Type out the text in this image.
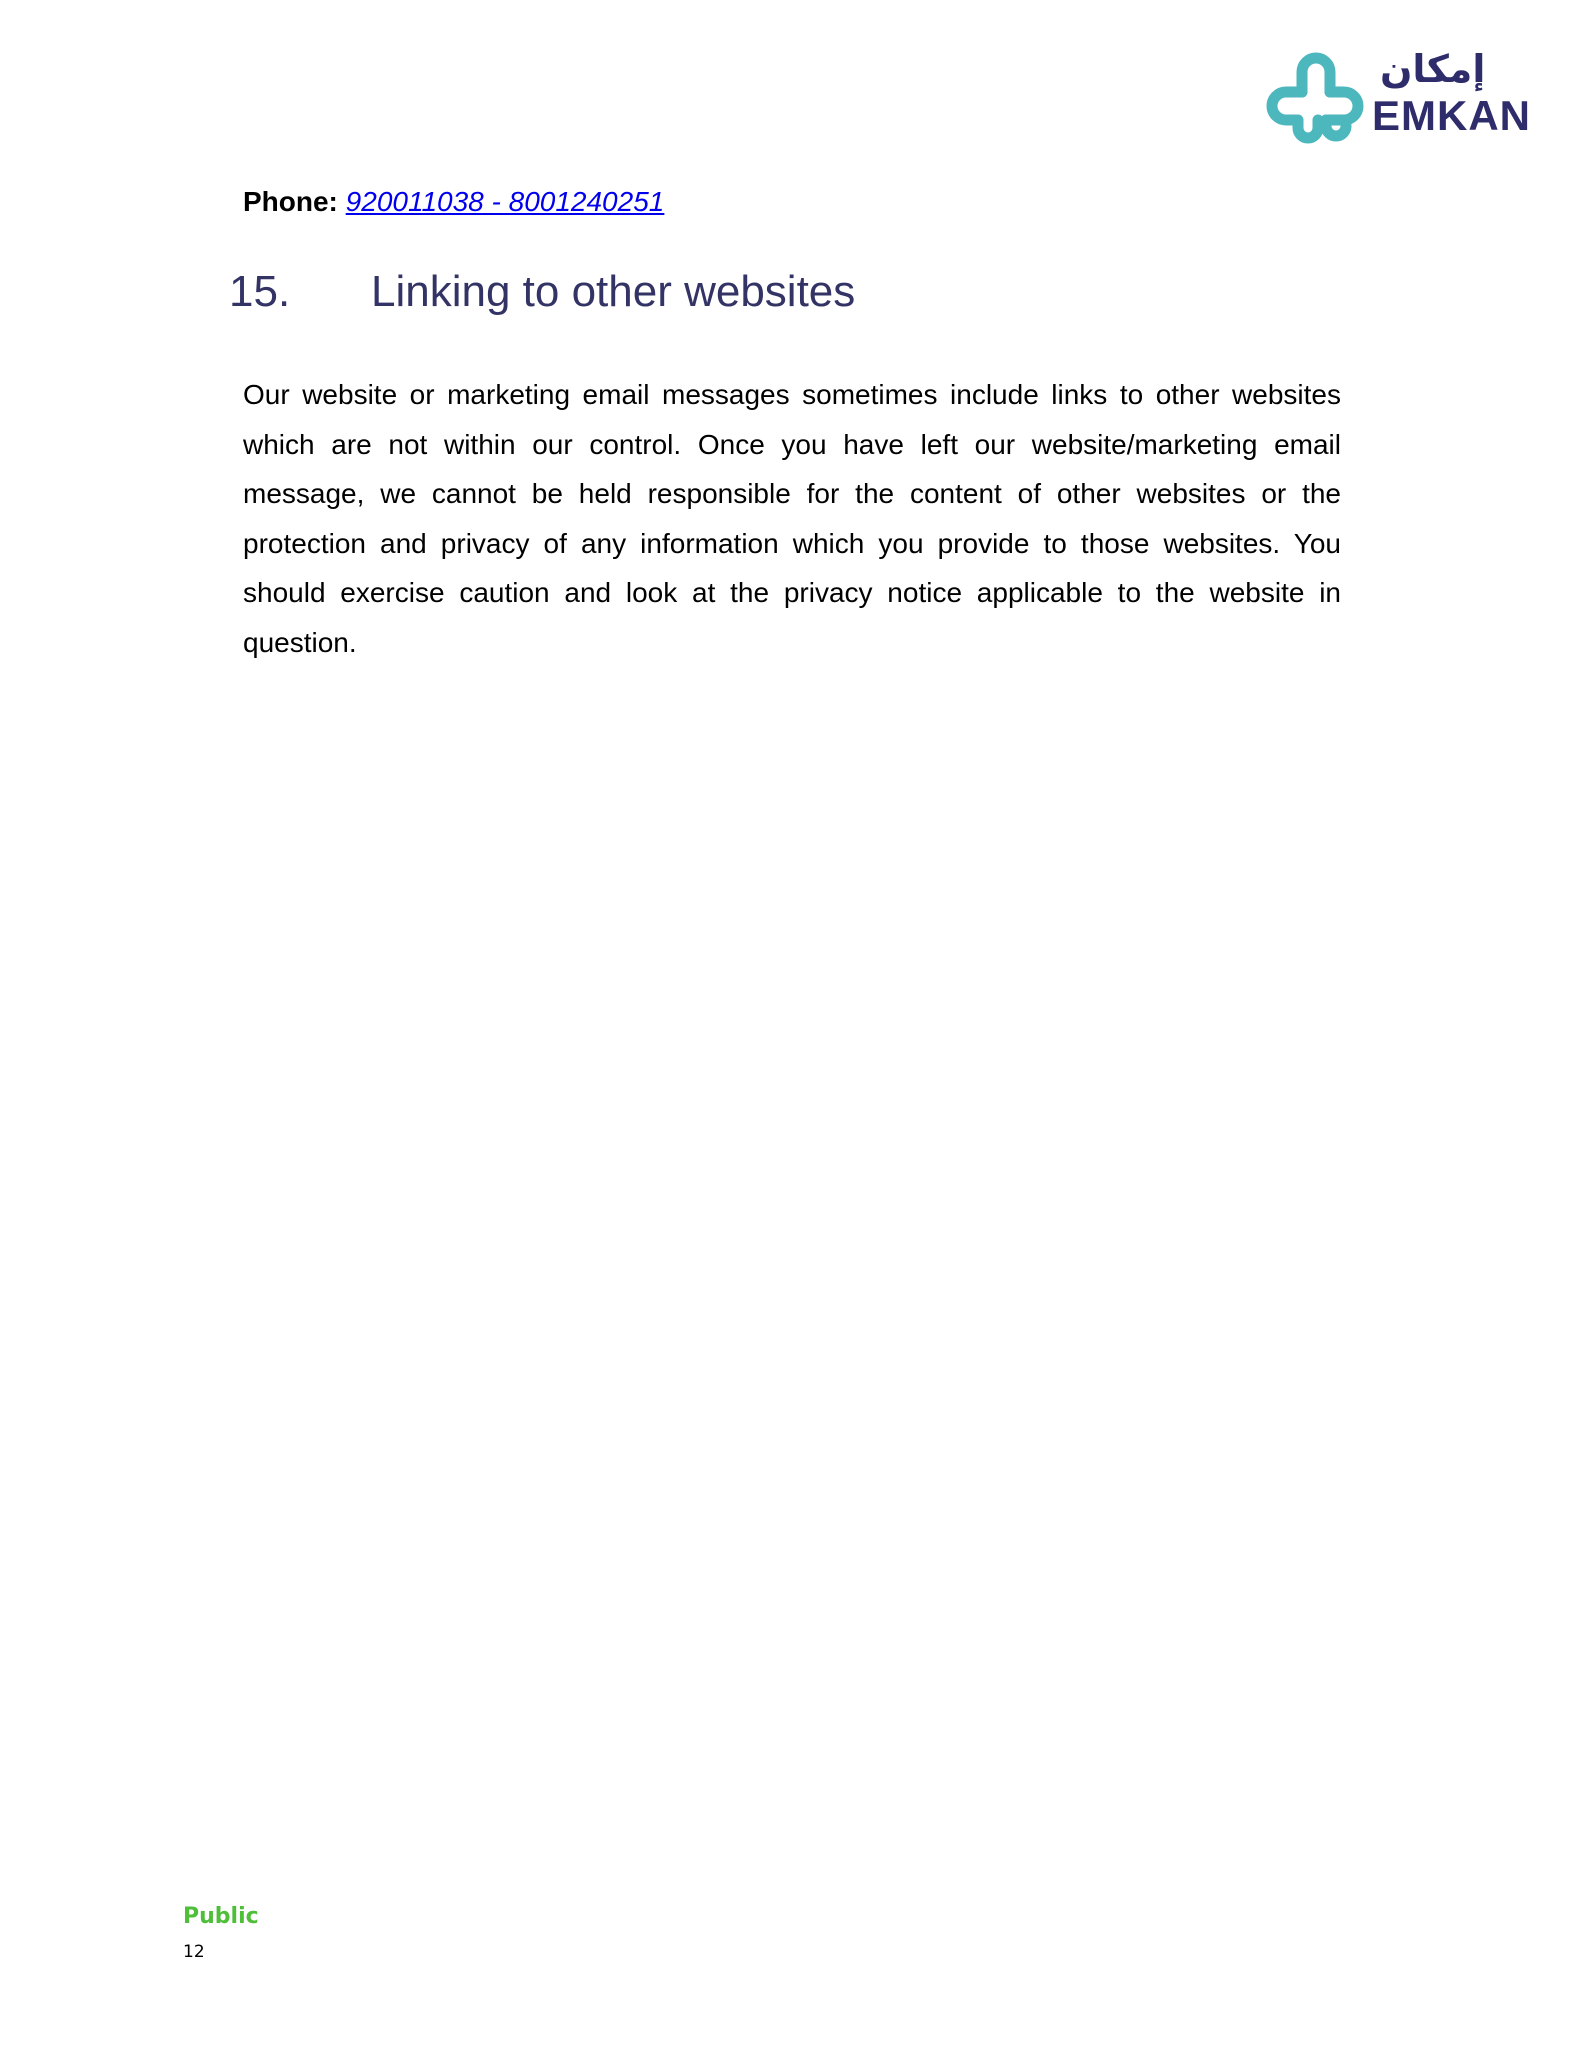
إمكان
EMKAN
Phone: 920011038 - 8001240251
15. Linking to other websites

Our website or marketing email messages sometimes include links to other websites which are not within our control. Once you have left our website/marketing email message, we cannot be held responsible for the content of other websites or the protection and privacy of any information which you provide to those websites. You should exercise caution and look at the privacy notice applicable to the website in question.

Public
12
